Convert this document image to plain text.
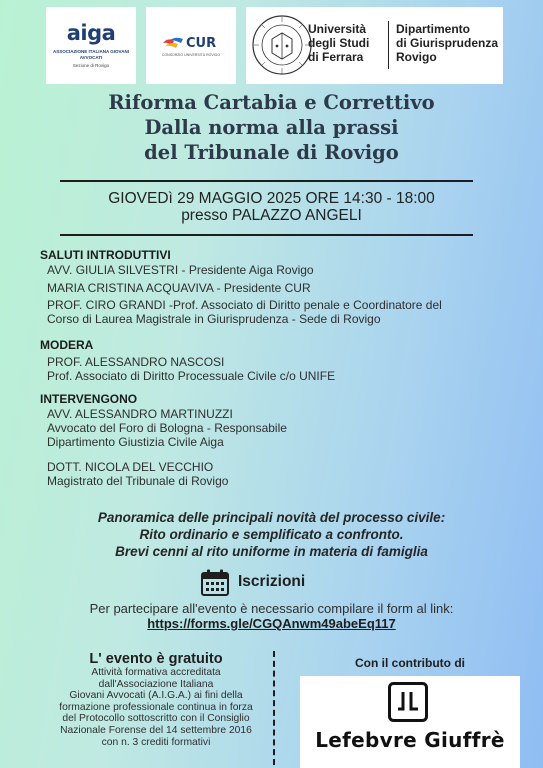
aiga
ASSOCIAZIONE ITALIANA GIOVANI AVVOCATI
Sezione di Rovigo
CUR
CONSORZIO UNIVERSITÀ ROVIGO
Università
degli Studi
di Ferrara
Dipartimento
di Giurisprudenza
Rovigo
Riforma Cartabia e Correttivo
Dalla norma alla prassi
del Tribunale di Rovigo
GIOVEDì 29 MAGGIO 2025 ORE 14:30 - 18:00
presso PALAZZO ANGELI
SALUTI INTRODUTTIVI
AVV. GIULIA SILVESTRI - Presidente Aiga Rovigo
MARIA CRISTINA ACQUAVIVA - Presidente CUR
PROF. CIRO GRANDI -Prof. Associato di Diritto penale e Coordinatore del
Corso di Laurea Magistrale in Giurisprudenza - Sede di Rovigo
MODERA
PROF. ALESSANDRO NASCOSI
Prof. Associato di Diritto Processuale Civile c/o UNIFE
INTERVENGONO
AVV. ALESSANDRO MARTINUZZI
Avvocato del Foro di Bologna - Responsabile
Dipartimento Giustizia Civile Aiga
DOTT. NICOLA DEL VECCHIO
Magistrato del Tribunale di Rovigo
Panoramica delle principali novità del processo civile:
Rito ordinario e semplificato a confronto.
Brevi cenni al rito uniforme in materia di famiglia
Iscrizioni
Per partecipare all'evento è necessario compilare il form al link:
https://forms.gle/CGQAnwm49abeEq117
L' evento è gratuito
Attività formativa accreditata
dall'Associazione Italiana
Giovani Avvocati (A.I.G.A.) ai fini della
formazione professionale continua in forza
del Protocollo sottoscritto con il Consiglio
Nazionale Forense del 14 settembre 2016
con n. 3 crediti formativi
Con il contributo di
Lefebvre Giuffrè
